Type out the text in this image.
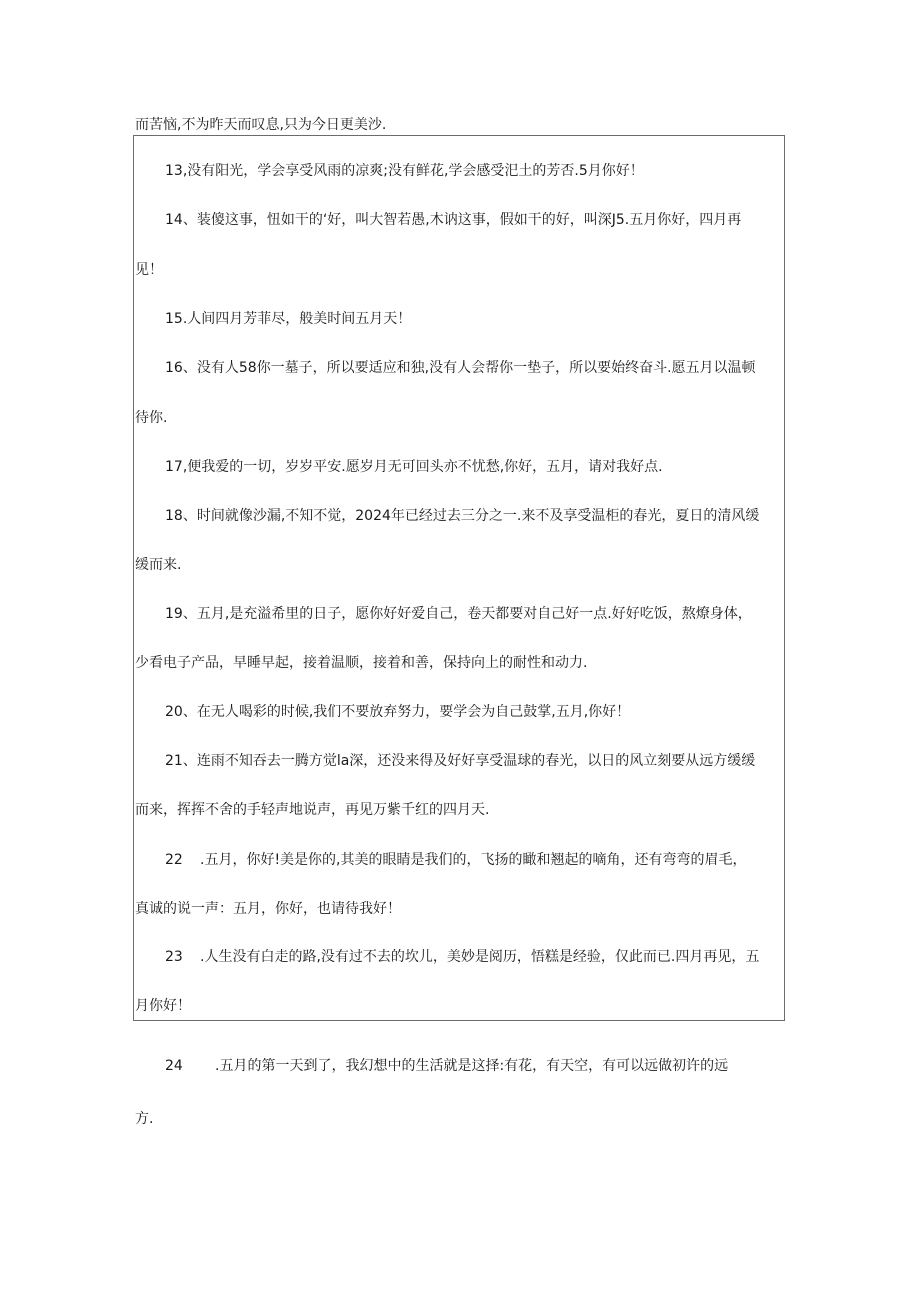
而苦恼,不为昨天而叹息,只为今日更美沙.
13,没有阳光，学会享受风雨的凉爽;没有鲜花,学会感受汜土的芳否.5月你好！
14、装傻这事，忸如干的‘好，叫大智若愚,木讷这事，假如干的好，叫深J5.五月你好，四月再
见！
15.人间四月芳菲尽，般美时间五月天！
16、没有人58你一墓子，所以要适应和独,没有人会帮你一垫子，所以要始终奋斗.愿五月以温顿
待你.
17,便我爱的一切，岁岁平安.愿岁月无可回头亦不忧愁,你好，五月，请对我好点.
18、时间就像沙漏,不知不觉，2024年已经过去三分之一.来不及享受温柜的春光，夏日的清风缓
缓而来.
19、五月,是充溢希里的日子，愿你好好爱自己，卷天都要对自己好一点.好好吃饭，熬燎身体，
少看电子产品，早睡早起，接着温顺，接着和善，保持向上的耐性和动力.
20、在无人喝彩的时候,我们不要放弃努力，要学会为自己鼓掌,五月,你好！
21、连雨不知吞去一腾方觉la深，还没来得及好好享受温球的春光，以日的风立刻要从远方缓缓
而来，挥挥不舍的手轻声地说声，再见万紫千红的四月天.
22 .五月，你好!美是你的,其美的眼睛是我们的，飞扬的瞰和翘起的嘀角，还有弯弯的眉毛，
真诚的说一声：五月，你好，也请待我好！
23 .人生没有白走的路,没有过不去的坎儿，美妙是阅历，悟糕是经验，仅此而已.四月再见，五
月你好！
24 .五月的第一天到了，我幻想中的生活就是这择:有花，有天空，有可以远做初许的远
方.
